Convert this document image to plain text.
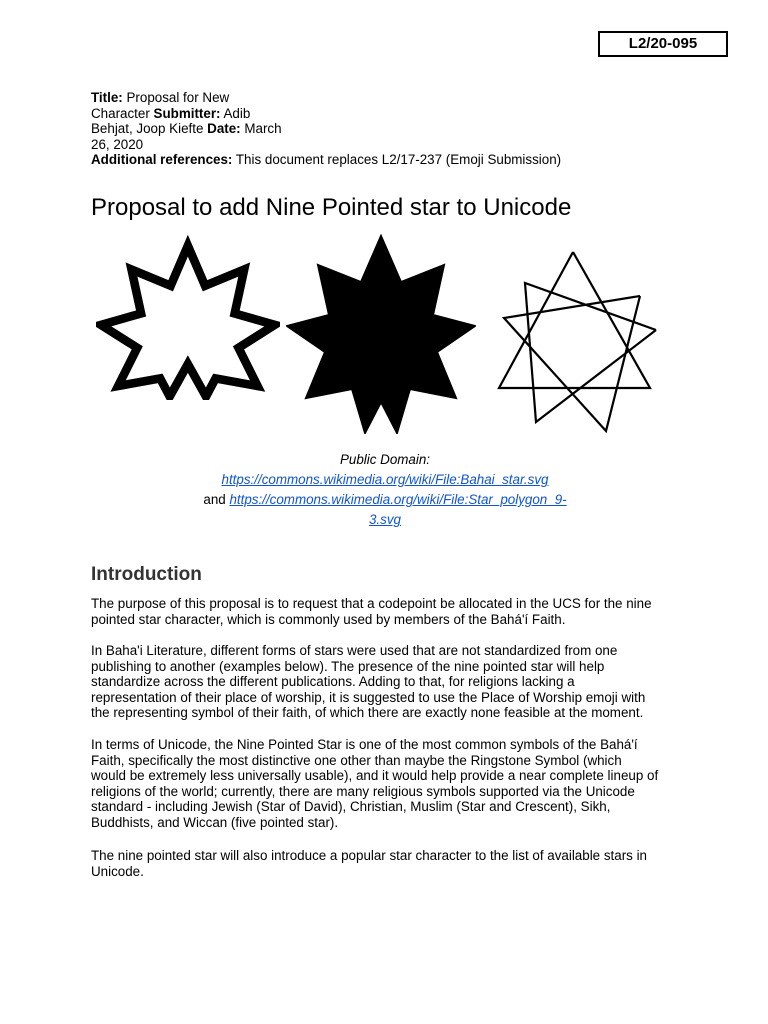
L2/20-095
Title: Proposal for New
Character Submitter: Adib
Behjat, Joop Kiefte Date: March
26, 2020
Additional references: This document replaces L2/17-237 (Emoji Submission)
Proposal to add Nine Pointed star to Unicode
Public Domain:
https://commons.wikimedia.org/wiki/File:Bahai_star.svg
and https://commons.wikimedia.org/wiki/File:Star_polygon_9-
3.svg
Introduction
The purpose of this proposal is to request that a codepoint be allocated in the UCS for the nine
pointed star character, which is commonly used by members of the Bahá'í Faith.
In Baha'i Literature, different forms of stars were used that are not standardized from one
publishing to another (examples below). The presence of the nine pointed star will help
standardize across the different publications. Adding to that, for religions lacking a
representation of their place of worship, it is suggested to use the Place of Worship emoji with
the representing symbol of their faith, of which there are exactly none feasible at the moment.
In terms of Unicode, the Nine Pointed Star is one of the most common symbols of the Bahá'í
Faith, specifically the most distinctive one other than maybe the Ringstone Symbol (which
would be extremely less universally usable), and it would help provide a near complete lineup of
religions of the world; currently, there are many religious symbols supported via the Unicode
standard - including Jewish (Star of David), Christian, Muslim (Star and Crescent), Sikh,
Buddhists, and Wiccan (five pointed star).
The nine pointed star will also introduce a popular star character to the list of available stars in
Unicode.
